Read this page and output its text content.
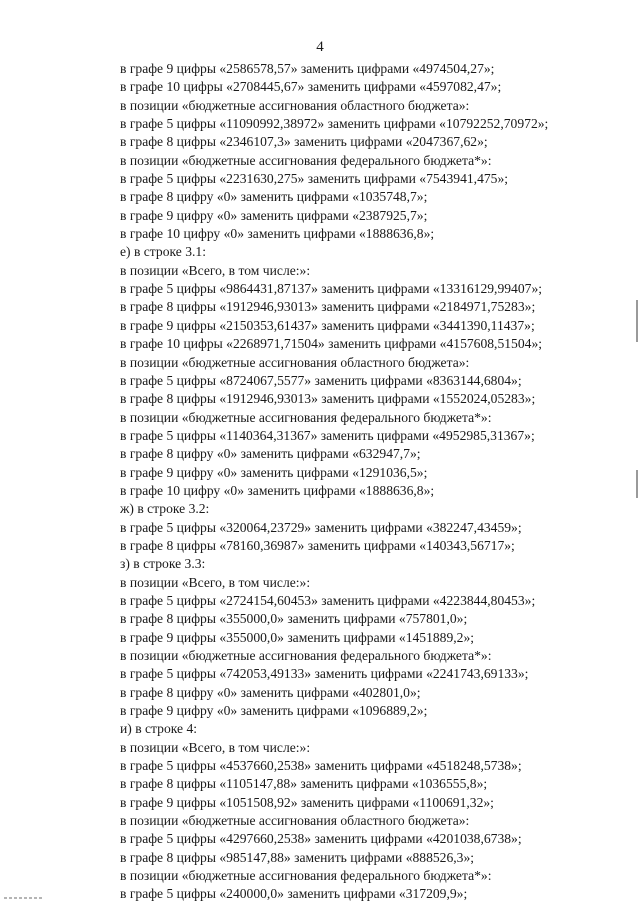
4
в графе 9 цифры «2586578,57» заменить цифрами «4974504,27»;
в графе 10 цифры «2708445,67» заменить цифрами «4597082,47»;
в позиции «бюджетные ассигнования областного бюджета»:
в графе 5 цифры «11090992,38972» заменить цифрами «10792252,70972»;
в графе 8 цифры «2346107,3» заменить цифрами «2047367,62»;
в позиции «бюджетные ассигнования федерального бюджета*»:
в графе 5 цифры «2231630,275» заменить цифрами «7543941,475»;
в графе 8 цифру «0» заменить цифрами «1035748,7»;
в графе 9 цифру «0» заменить цифрами «2387925,7»;
в графе 10 цифру «0» заменить цифрами «1888636,8»;
е) в строке 3.1:
в позиции «Всего, в том числе:»:
в графе 5 цифры «9864431,87137» заменить цифрами «13316129,99407»;
в графе 8 цифры «1912946,93013» заменить цифрами «2184971,75283»;
в графе 9 цифры «2150353,61437» заменить цифрами «3441390,11437»;
в графе 10 цифры «2268971,71504» заменить цифрами «4157608,51504»;
в позиции «бюджетные ассигнования областного бюджета»:
в графе 5 цифры «8724067,5577» заменить цифрами «8363144,6804»;
в графе 8 цифры «1912946,93013» заменить цифрами «1552024,05283»;
в позиции «бюджетные ассигнования федерального бюджета*»:
в графе 5 цифры «1140364,31367» заменить цифрами «4952985,31367»;
в графе 8 цифру «0» заменить цифрами «632947,7»;
в графе 9 цифру «0» заменить цифрами «1291036,5»;
в графе 10 цифру «0» заменить цифрами «1888636,8»;
ж) в строке 3.2:
в графе 5 цифры «320064,23729» заменить цифрами «382247,43459»;
в графе 8 цифры «78160,36987» заменить цифрами «140343,56717»;
з) в строке 3.3:
в позиции «Всего, в том числе:»:
в графе 5 цифры «2724154,60453» заменить цифрами «4223844,80453»;
в графе 8 цифры «355000,0» заменить цифрами «757801,0»;
в графе 9 цифры «355000,0» заменить цифрами «1451889,2»;
в позиции «бюджетные ассигнования федерального бюджета*»:
в графе 5 цифры «742053,49133» заменить цифрами «2241743,69133»;
в графе 8 цифру «0» заменить цифрами «402801,0»;
в графе 9 цифру «0» заменить цифрами «1096889,2»;
и) в строке 4:
в позиции «Всего, в том числе:»:
в графе 5 цифры «4537660,2538» заменить цифрами «4518248,5738»;
в графе 8 цифры «1105147,88» заменить цифрами «1036555,8»;
в графе 9 цифры «1051508,92» заменить цифрами «1100691,32»;
в позиции «бюджетные ассигнования областного бюджета»:
в графе 5 цифры «4297660,2538» заменить цифрами «4201038,6738»;
в графе 8 цифры «985147,88» заменить цифрами «888526,3»;
в позиции «бюджетные ассигнования федерального бюджета*»:
в графе 5 цифры «240000,0» заменить цифрами «317209,9»;
